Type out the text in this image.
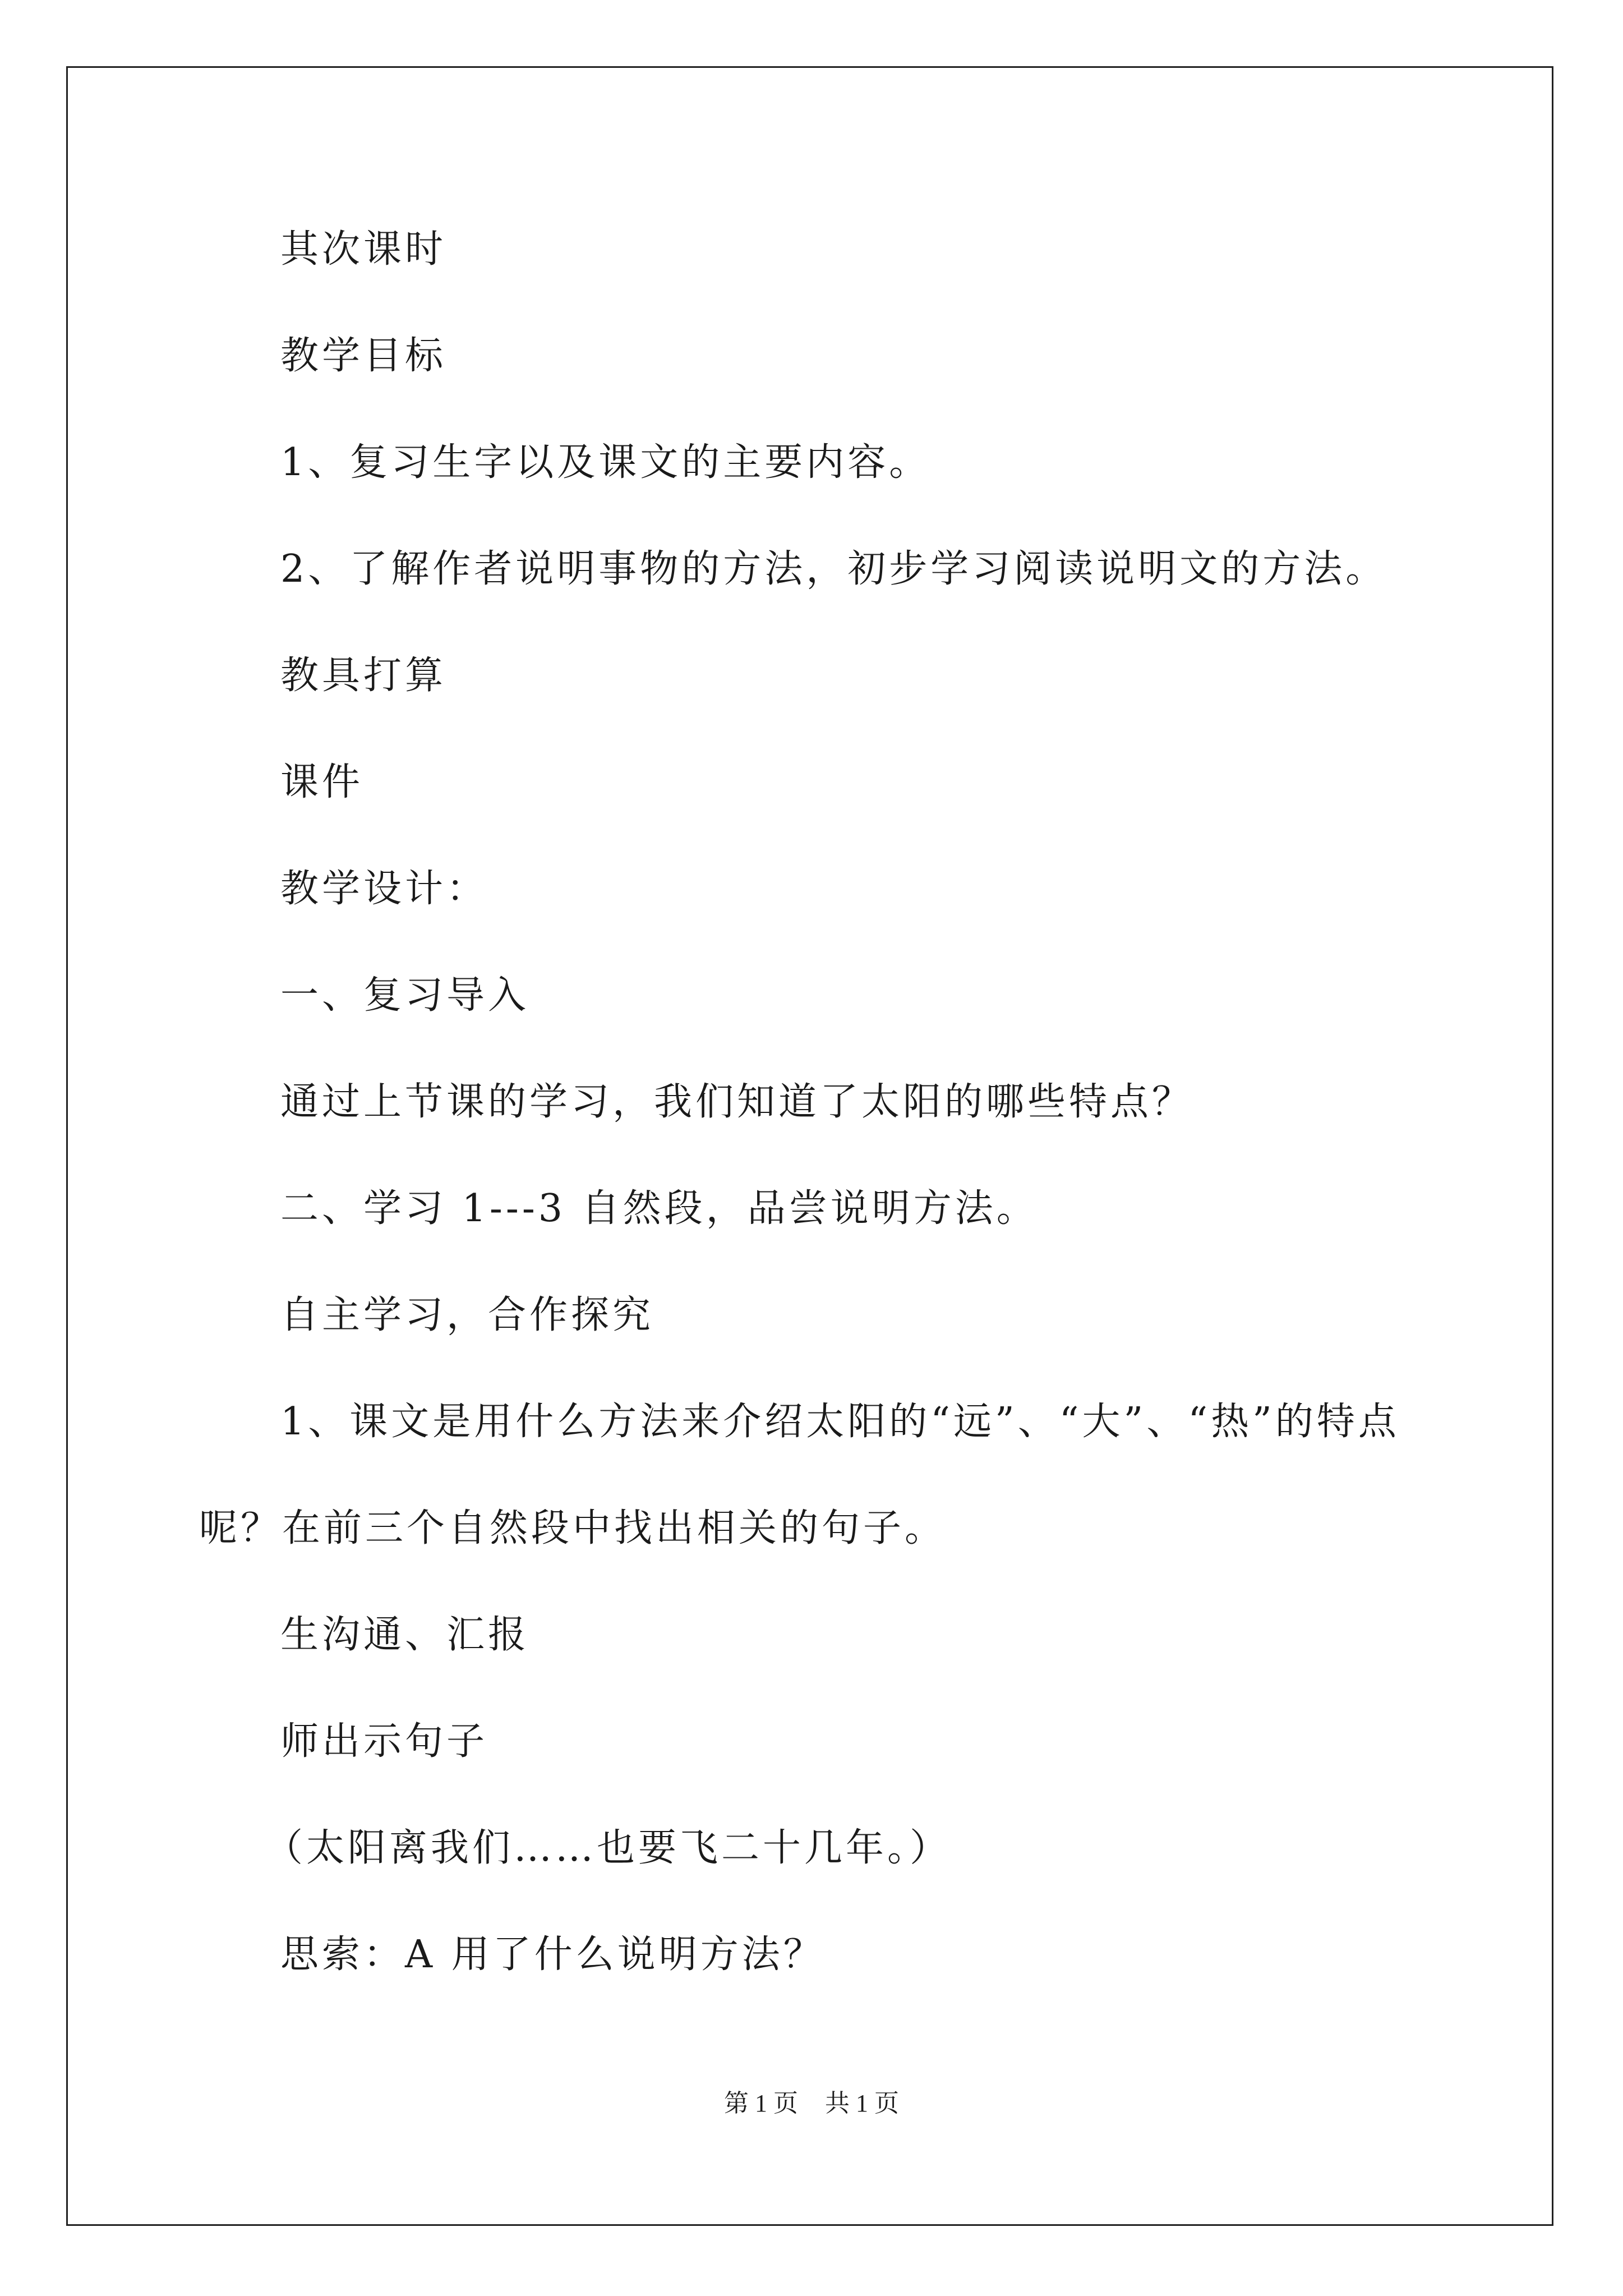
其次课时
教学目标
1、复习生字以及课文的主要内容。
2、了解作者说明事物的方法，初步学习阅读说明文的方法。
教具打算
课件
教学设计：
一、复习导入
通过上节课的学习，我们知道了太阳的哪些特点？
二、学习 1---3 自然段，品尝说明方法。
自主学习，合作探究
1、课文是用什么方法来介绍太阳的“远”、“大”、“热”的特点
呢？在前三个自然段中找出相关的句子。
生沟通、汇报
师出示句子
（太阳离我们……也要飞二十几年。）
思索：A 用了什么说明方法？
第 1 页 共 1 页
